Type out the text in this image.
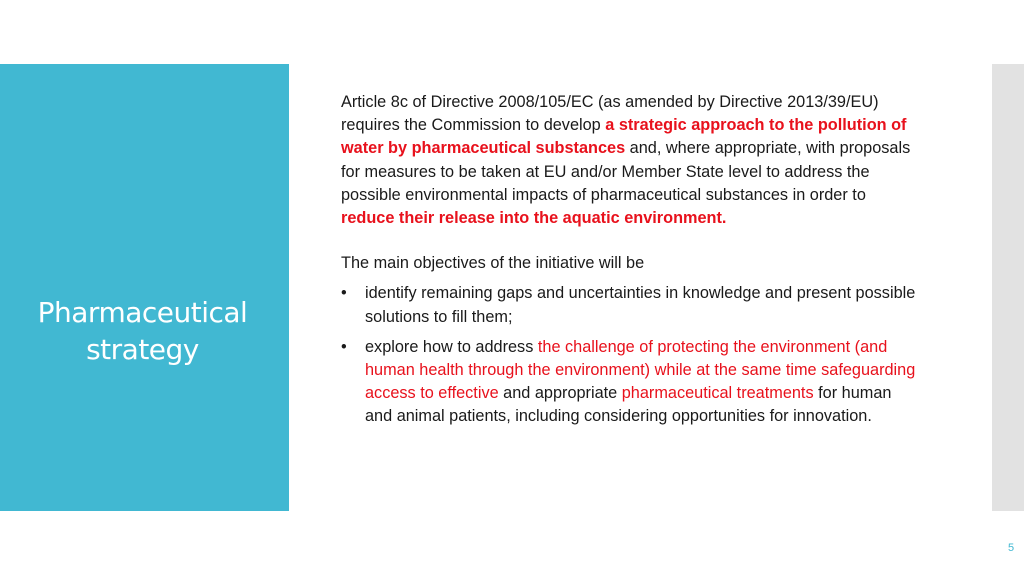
Pharmaceutical
strategy

Article 8c of Directive 2008/105/EC (as amended by Directive 2013/39/EU) requires the Commission to develop a strategic approach to the pollution of water by pharmaceutical substances and, where appropriate, with proposals for measures to be taken at EU and/or Member State level to address the possible environmental impacts of pharmaceutical substances in order to reduce their release into the aquatic environment.

The main objectives of the initiative will be

•	identify remaining gaps and uncertainties in knowledge and present possible solutions to fill them;
•	explore how to address the challenge of protecting the environment (and human health through the environment) while at the same time safeguarding access to effective and appropriate pharmaceutical treatments for human and animal patients, including considering opportunities for innovation.
5
